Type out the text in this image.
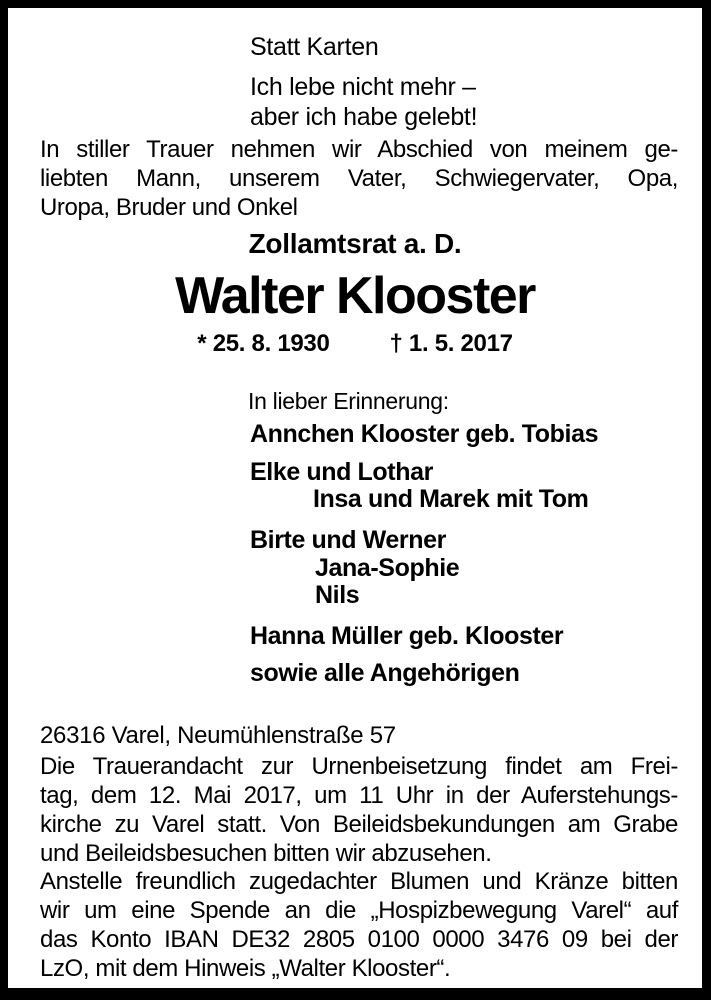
Statt Karten
Ich lebe nicht mehr –
aber ich habe gelebt!
In stiller Trauer nehmen wir Abschied von meinem ge-
liebten Mann, unserem Vater, Schwiegervater, Opa,
Uropa, Bruder und Onkel
Zollamtsrat a. D.
Walter Klooster
* 25. 8. 1930	† 1. 5. 2017
In lieber Erinnerung:
Annchen Klooster geb. Tobias
Elke und Lothar
Insa und Marek mit Tom
Birte und Werner
Jana-Sophie
Nils
Hanna Müller geb. Klooster
sowie alle Angehörigen
26316 Varel, Neumühlenstraße 57
Die Trauerandacht zur Urnenbeisetzung findet am Frei-
tag, dem 12. Mai 2017, um 11 Uhr in der Auferstehungs-
kirche zu Varel statt. Von Beileidsbekundungen am Grabe
und Beileidsbesuchen bitten wir abzusehen.
Anstelle freundlich zugedachter Blumen und Kränze bitten
wir um eine Spende an die „Hospizbewegung Varel“ auf
das Konto IBAN DE32 2805 0100 0000 3476 09 bei der
LzO, mit dem Hinweis „Walter Klooster“.
